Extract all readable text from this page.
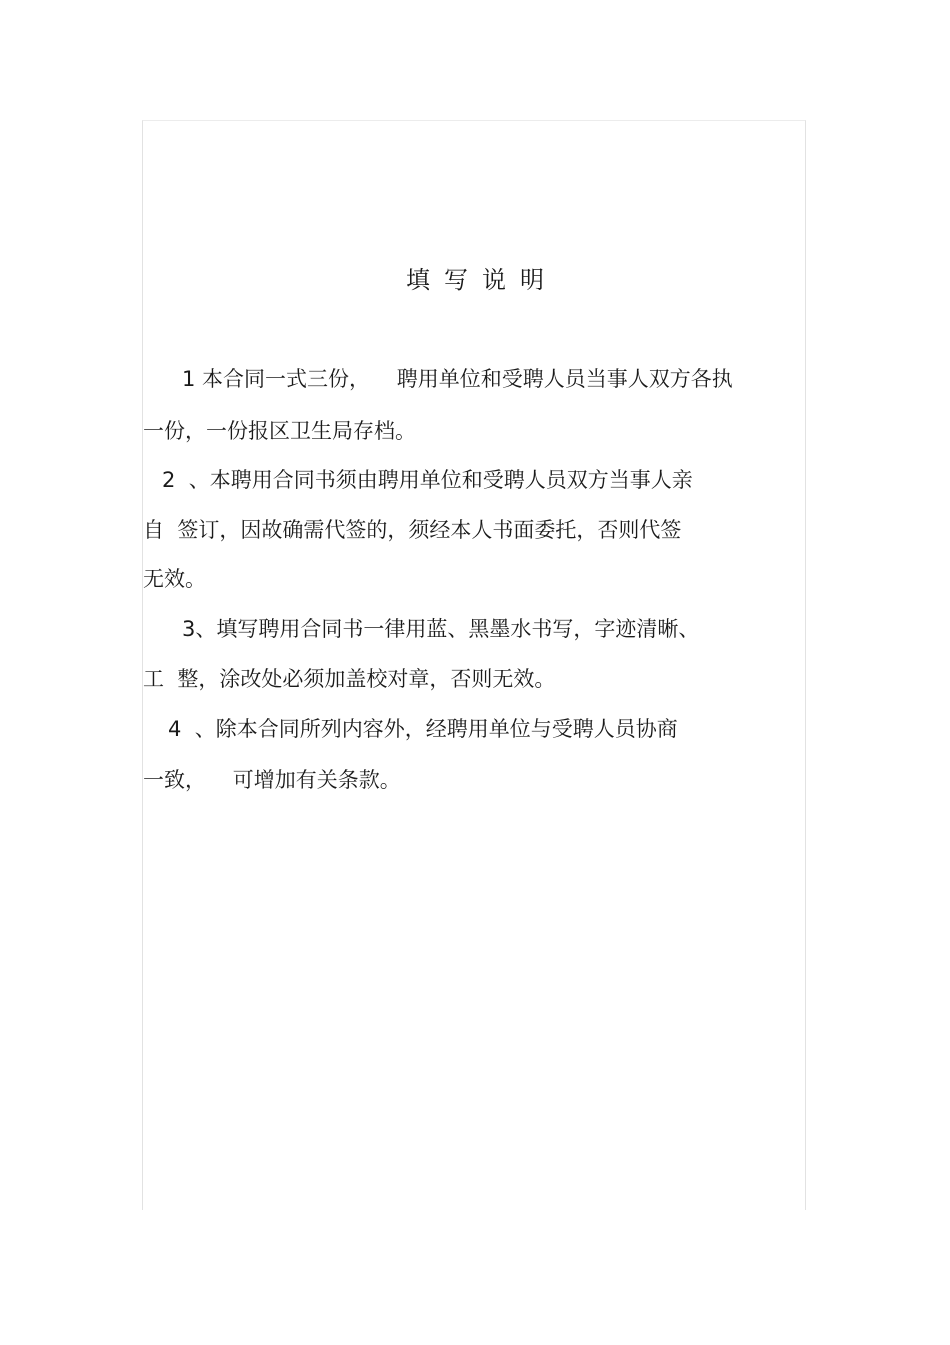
填写说明
1 本合同一式三份，    聘用单位和受聘人员当事人双方各执
一份，一份报区卫生局存档。
2  、本聘用合同书须由聘用单位和受聘人员双方当事人亲
自  签订，因故确需代签的，须经本人书面委托，否则代签
无效。
3、填写聘用合同书一律用蓝、黑墨水书写，字迹清晰、
工  整，涂改处必须加盖校对章，否则无效。
4  、除本合同所列内容外，经聘用单位与受聘人员协商
一致，    可增加有关条款。
